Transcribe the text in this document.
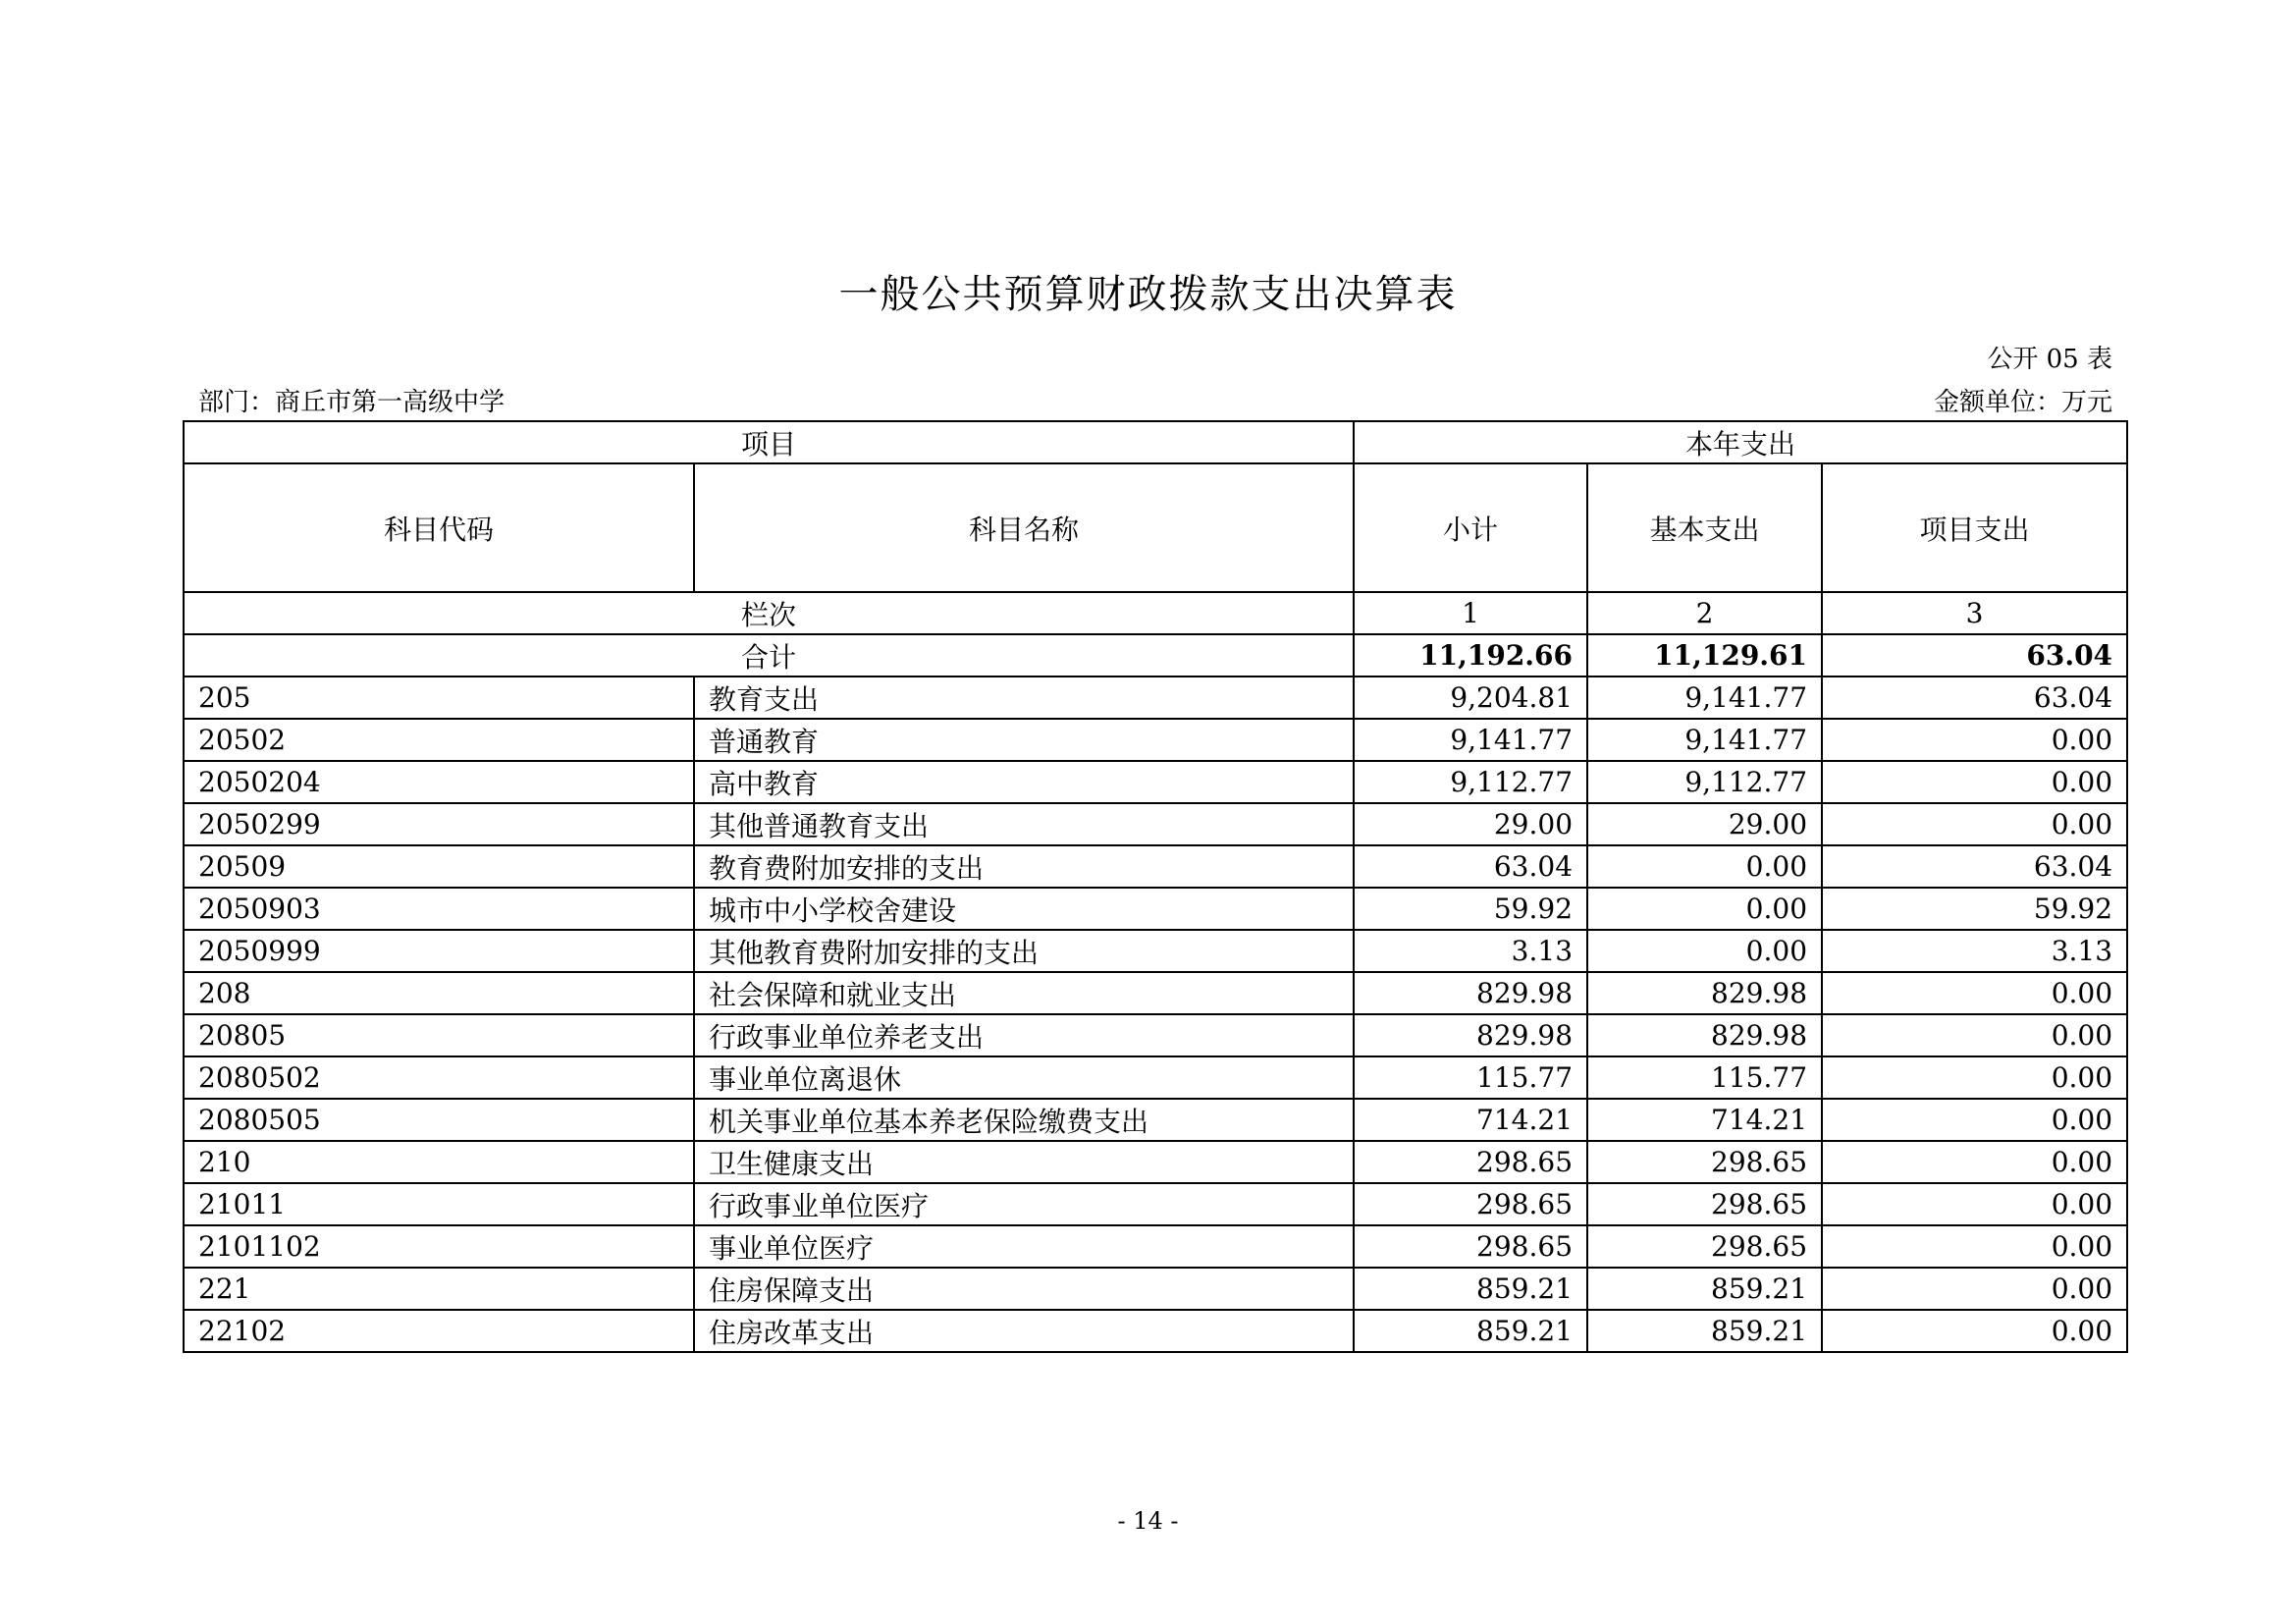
一般公共预算财政拨款支出决算表
公开 05 表
部门：商丘市第一高级中学	金额单位：万元
项目		本年支出		
科目代码	科目名称	小计	基本支出	项目支出
栏次		1	2	3
合计		11,192.66	11,129.61	63.04
205	教育支出	9,204.81	9,141.77	63.04
20502	普通教育	9,141.77	9,141.77	0.00
2050204	高中教育	9,112.77	9,112.77	0.00
2050299	其他普通教育支出	29.00	29.00	0.00
20509	教育费附加安排的支出	63.04	0.00	63.04
2050903	城市中小学校舍建设	59.92	0.00	59.92
2050999	其他教育费附加安排的支出	3.13	0.00	3.13
208	社会保障和就业支出	829.98	829.98	0.00
20805	行政事业单位养老支出	829.98	829.98	0.00
2080502	事业单位离退休	115.77	115.77	0.00
2080505	机关事业单位基本养老保险缴费支出	714.21	714.21	0.00
210	卫生健康支出	298.65	298.65	0.00
21011	行政事业单位医疗	298.65	298.65	0.00
2101102	事业单位医疗	298.65	298.65	0.00
221	住房保障支出	859.21	859.21	0.00
22102	住房改革支出	859.21	859.21	0.00
- 14 -
